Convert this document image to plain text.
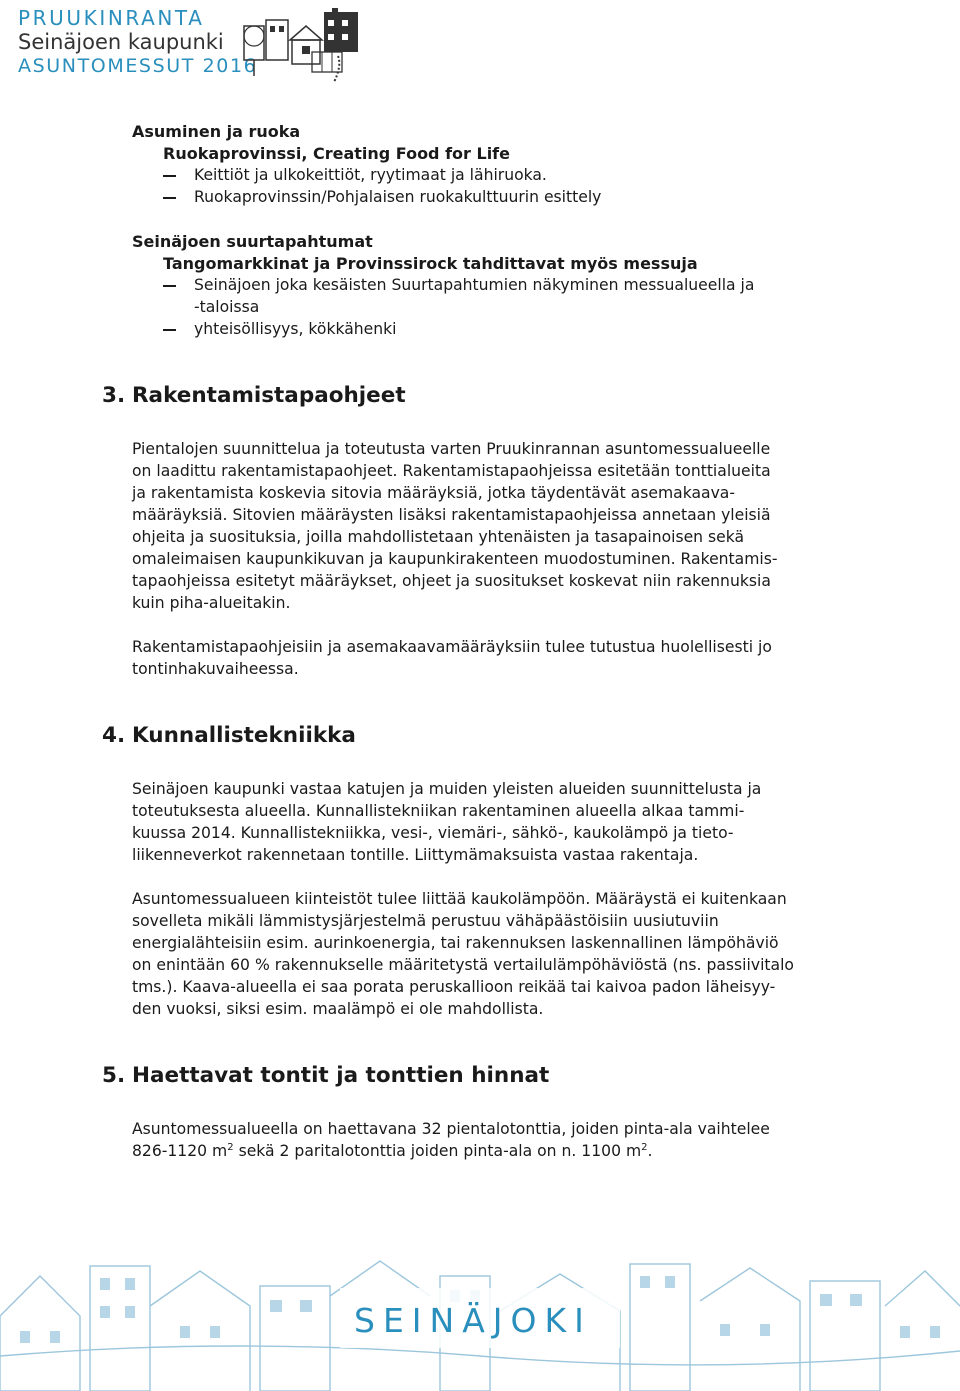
PRUUKINRANTA
Seinäjoen kaupunki
ASUNTOMESSUT 2016
Asuminen ja ruoka
Ruokaprovinssi, Creating Food for Life
Keittiöt ja ulkokeittiöt, ryytimaat ja lähiruoka.
Ruokaprovinssin/Pohjalaisen ruokakulttuurin esittely
Seinäjoen suurtapahtumat
Tangomarkkinat ja Provinssirock tahdittavat myös messuja
Seinäjoen joka kesäisten Suurtapahtumien näkyminen messualueella ja
-taloissa
yhteisöllisyys, kökkähenki
3. Rakentamistapaohjeet
Pientalojen suunnittelua ja toteutusta varten Pruukinrannan asuntomessualueelle
on laadittu rakentamistapaohjeet. Rakentamistapaohjeissa esitetään tonttialueita
ja rakentamista koskevia sitovia määräyksiä, jotka täydentävät asemakaava-
määräyksiä. Sitovien määräysten lisäksi rakentamistapaohjeissa annetaan yleisiä
ohjeita ja suosituksia, joilla mahdollistetaan yhtenäisten ja tasapainoisen sekä
omaleimaisen kaupunkikuvan ja kaupunkirakenteen muodostuminen. Rakentamis-
tapaohjeissa esitetyt määräykset, ohjeet ja suositukset koskevat niin rakennuksia
kuin piha-alueitakin.
Rakentamistapaohjeisiin ja asemakaavamääräyksiin tulee tutustua huolellisesti jo
tontinhakuvaiheessa.
4. Kunnallistekniikka
Seinäjoen kaupunki vastaa katujen ja muiden yleisten alueiden suunnittelusta ja
toteutuksesta alueella. Kunnallistekniikan rakentaminen alueella alkaa tammi-
kuussa 2014. Kunnallistekniikka, vesi-, viemäri-, sähkö-, kaukolämpö ja tieto-
liikenneverkot rakennetaan tontille. Liittymämaksuista vastaa rakentaja.
Asuntomessualueen kiinteistöt tulee liittää kaukolämpöön. Määräystä ei kuitenkaan
sovelleta mikäli lämmistysjärjestelmä perustuu vähäpäästöisiin uusiutuviin
energialähteisiin esim. aurinkoenergia, tai rakennuksen laskennallinen lämpöhäviö
on enintään 60 % rakennukselle määritetystä vertailulämpöhäviöstä (ns. passiivitalo
tms.). Kaava-alueella ei saa porata peruskallioon reikää tai kaivoa padon läheisyy-
den vuoksi, siksi esim. maalämpö ei ole mahdollista.
5. Haettavat tontit ja tonttien hinnat
Asuntomessualueella on haettavana 32 pientalotonttia, joiden pinta-ala vaihtelee
826-1120 $m^2$ sekä 2 paritalotonttia joiden pinta-ala on n. 1100 $m^2$.
SEINÄJOKI
